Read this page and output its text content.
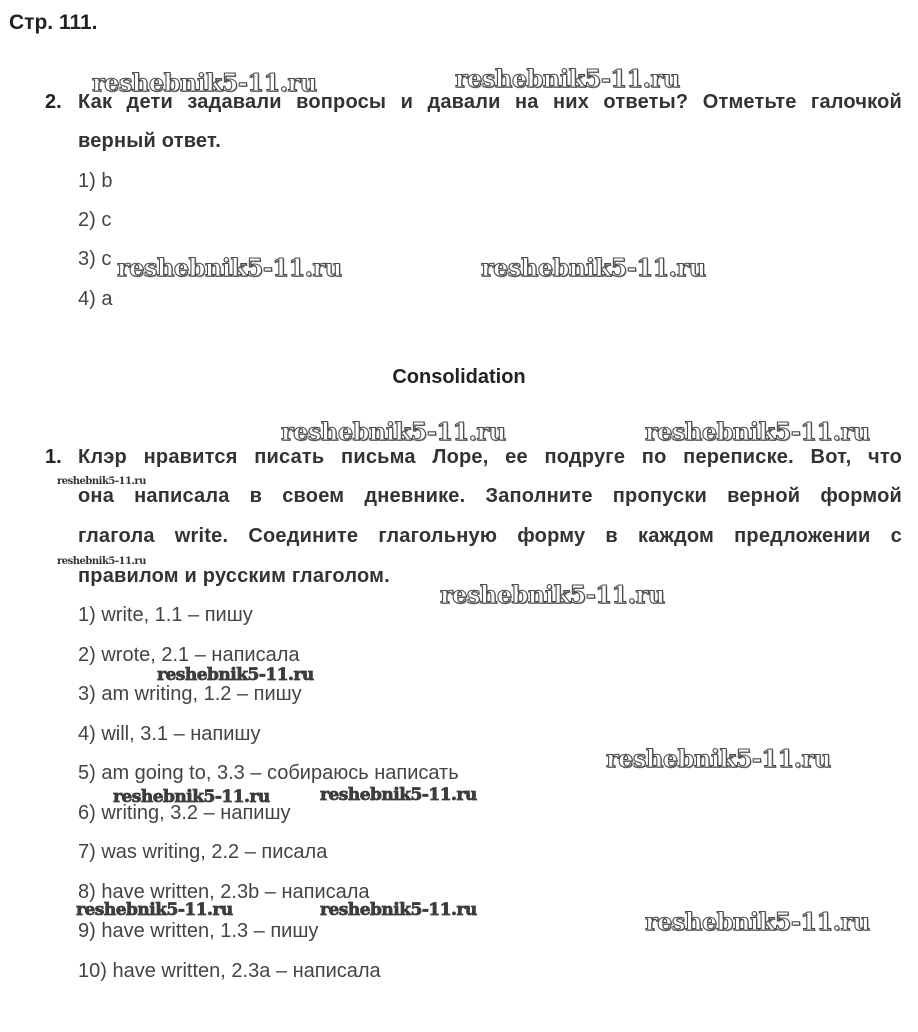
Стр. 111.
2. Как дети задавали вопросы и давали на них ответы? Отметьте галочкой
верный ответ.
1) b
2) c
3) c
4) a
Consolidation
1. Клэр нравится писать письма Лоре, ее подруге по переписке. Вот, что
она написала в своем дневнике. Заполните пропуски верной формой
глагола write. Соедините глагольную форму в каждом предложении с
правилом и русским глаголом.
1) write, 1.1 – пишу
2) wrote, 2.1 – написала
3) am writing, 1.2 – пишу
4) will, 3.1 – напишу
5) am going to, 3.3 – собираюсь написать
6) writing, 3.2 – напишу
7) was writing, 2.2 – писала
8) have written, 2.3b – написала
9) have written, 1.3 – пишу
10) have written, 2.3a – написала
reshebnik5-11.ru	reshebnik5-11.ru
reshebnik5-11.ru	reshebnik5-11.ru
reshebnik5-11.ru	reshebnik5-11.ru
reshebnik5-11.ru
reshebnik5-11.ru
reshebnik5-11.ru
reshebnik5-11.ru
reshebnik5-11.ru
reshebnik5-11.ru	reshebnik5-11.ru
reshebnik5-11.ru	reshebnik5-11.ru	reshebnik5-11.ru
